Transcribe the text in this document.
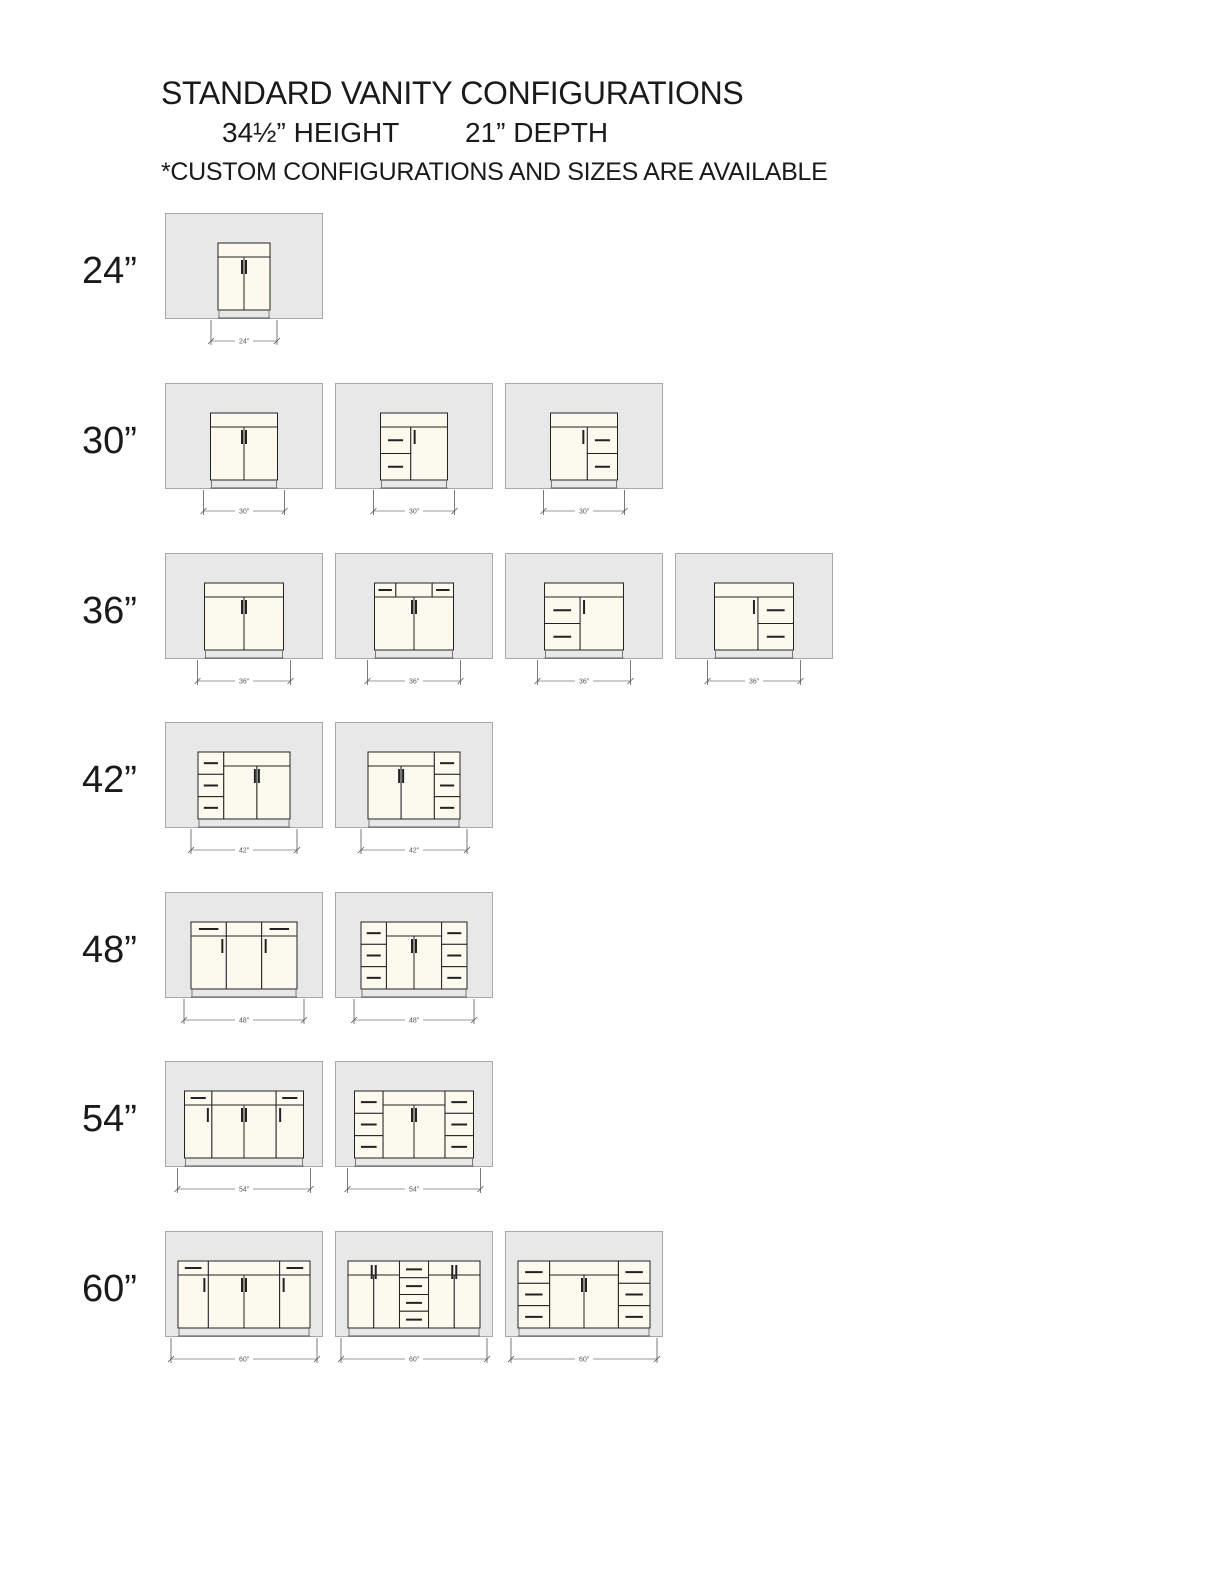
STANDARD VANITY CONFIGURATIONS
34½” HEIGHT 21” DEPTH
*CUSTOM CONFIGURATIONS AND SIZES ARE AVAILABLE
24”
24”
30”
30”	30”	30”
36”
36”	36”	36”	36”
42”
42”	42”
48”
48”	48”
54”
54”	54”
60”
60”	60”	60”
